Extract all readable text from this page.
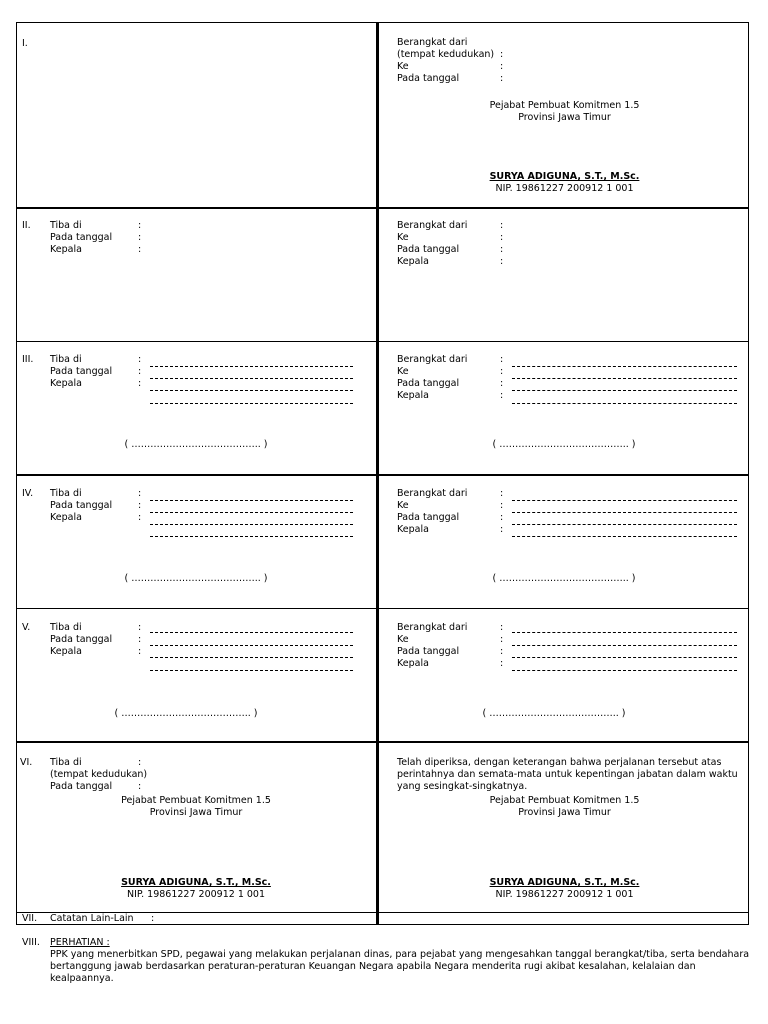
I.	Berangkat dari
(tempat kedudukan) :
Ke	:
Pada tanggal	:
Pejabat Pembuat Komitmen 1.5
Provinsi Jawa Timur
SURYA ADIGUNA, S.T., M.Sc.
NIP. 19861227 200912 1 001
II. Tiba di	:
Pada tanggal	:
Kepala	:
Berangkat dari	:
Ke	:
Pada tanggal	:
Kepala	:
III. Tiba di	:
Pada tanggal	:
Kepala	:
( ………………………………….. )
Berangkat dari	:
Ke	:
Pada tanggal	:
Kepala	:
( ………………………………….. )
IV. Tiba di	:
Pada tanggal	:
Kepala	:
( ………………………………….. )
Berangkat dari	:
Ke	:
Pada tanggal	:
Kepala	:
( ………………………………….. )
V. Tiba di	:
Pada tanggal	:
Kepala	:
( ………………………………….. )
Berangkat dari	:
Ke	:
Pada tanggal	:
Kepala	:
( ………………………………….. )
VI. Tiba di	:
(tempat kedudukan)
Pada tanggal	:
Pejabat Pembuat Komitmen 1.5
Provinsi Jawa Timur
SURYA ADIGUNA, S.T., M.Sc.
NIP. 19861227 200912 1 001
Telah diperiksa, dengan keterangan bahwa perjalanan tersebut atas
perintahnya dan semata-mata untuk kepentingan jabatan dalam waktu
yang sesingkat-singkatnya.
Pejabat Pembuat Komitmen 1.5
Provinsi Jawa Timur
SURYA ADIGUNA, S.T., M.Sc.
NIP. 19861227 200912 1 001
VII. Catatan Lain-Lain :
VIII. PERHATIAN :
PPK yang menerbitkan SPD, pegawai yang melakukan perjalanan dinas, para pejabat yang mengesahkan tanggal berangkat/tiba, serta bendahara bertanggung jawab berdasarkan peraturan-peraturan Keuangan Negara apabila Negara menderita rugi akibat kesalahan, kelalaian dan kealpaannya.
